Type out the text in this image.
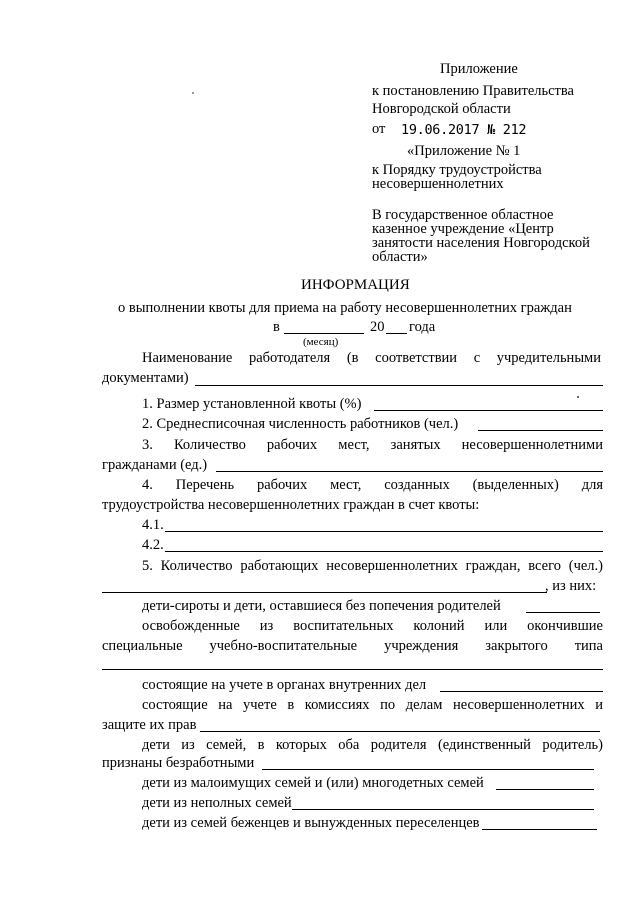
Приложение
к постановлению Правительства
Новгородской области
от 19.06.2017 № 212
«Приложение № 1
к Порядку трудоустройства
несовершеннолетних
В государственное областное
казенное учреждение «Центр
занятости населения Новгородской
области»
ИНФОРМАЦИЯ
о выполнении квоты для приема на работу несовершеннолетних граждан
в	20 года
(месяц)
Наименование работодателя (в соответствии с учредительными
документами)
1. Размер установленной квоты (%)
2. Среднесписочная численность работников (чел.)
3. Количество рабочих мест, занятых несовершеннолетними
гражданами (ед.)
4. Перечень рабочих мест, созданных (выделенных) для
трудоустройства несовершеннолетних граждан в счет квоты:
4.1.
4.2.
5. Количество работающих несовершеннолетних граждан, всего (чел.)
, из них:
дети-сироты и дети, оставшиеся без попечения родителей
освобожденные из воспитательных колоний или окончившие
специальные учебно-воспитательные учреждения закрытого типа
состоящие на учете в органах внутренних дел
состоящие на учете в комиссиях по делам несовершеннолетних и
защите их прав
дети из семей, в которых оба родителя (единственный родитель)
признаны безработными
дети из малоимущих семей и (или) многодетных семей
дети из неполных семей
дети из семей беженцев и вынужденных переселенцев
